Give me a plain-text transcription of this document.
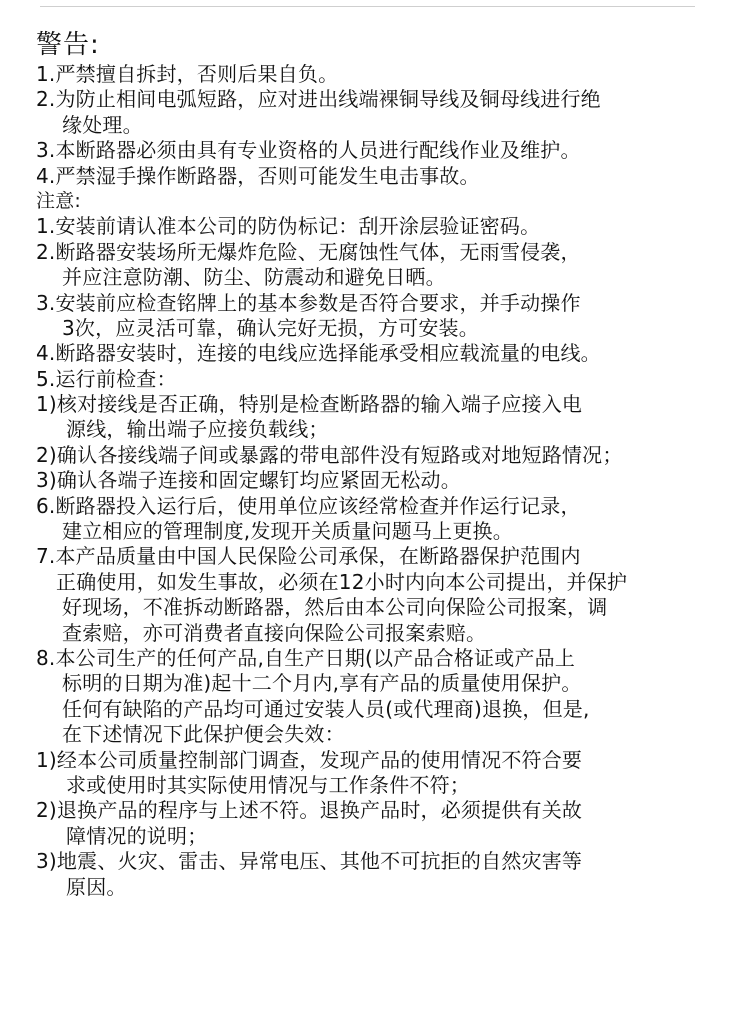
警告:
1.严禁擅自拆封，否则后果自负。
2.为防止相间电弧短路，应对进出线端裸铜导线及铜母线进行绝
缘处理。
3.本断路器必须由具有专业资格的人员进行配线作业及维护。
4.严禁湿手操作断路器，否则可能发生电击事故。
注意:
1.安装前请认准本公司的防伪标记：刮开涂层验证密码。
2.断路器安装场所无爆炸危险、无腐蚀性气体，无雨雪侵袭，
并应注意防潮、防尘、防震动和避免日晒。
3.安装前应检查铭牌上的基本参数是否符合要求，并手动操作
3次，应灵活可靠，确认完好无损，方可安装。
4.断路器安装时，连接的电线应选择能承受相应载流量的电线。
5.运行前检查：
1)核对接线是否正确，特别是检查断路器的输入端子应接入电
源线，输出端子应接负载线；
2)确认各接线端子间或暴露的带电部件没有短路或对地短路情况；
3)确认各端子连接和固定螺钉均应紧固无松动。
6.断路器投入运行后，使用单位应该经常检查并作运行记录，
建立相应的管理制度,发现开关质量问题马上更换。
7.本产品质量由中国人民保险公司承保，在断路器保护范围内
正确使用，如发生事故，必须在12小时内向本公司提出，并保护
好现场，不准拆动断路器，然后由本公司向保险公司报案，调
查索赔，亦可消费者直接向保险公司报案索赔。
8.本公司生产的任何产品,自生产日期(以产品合格证或产品上
标明的日期为准)起十二个月内,享有产品的质量使用保护。
任何有缺陷的产品均可通过安装人员(或代理商)退换，但是,
在下述情况下此保护便会失效：
1)经本公司质量控制部门调查，发现产品的使用情况不符合要
求或使用时其实际使用情况与工作条件不符；
2)退换产品的程序与上述不符。退换产品时，必须提供有关故
障情况的说明；
3)地震、火灾、雷击、异常电压、其他不可抗拒的自然灾害等
原因。
